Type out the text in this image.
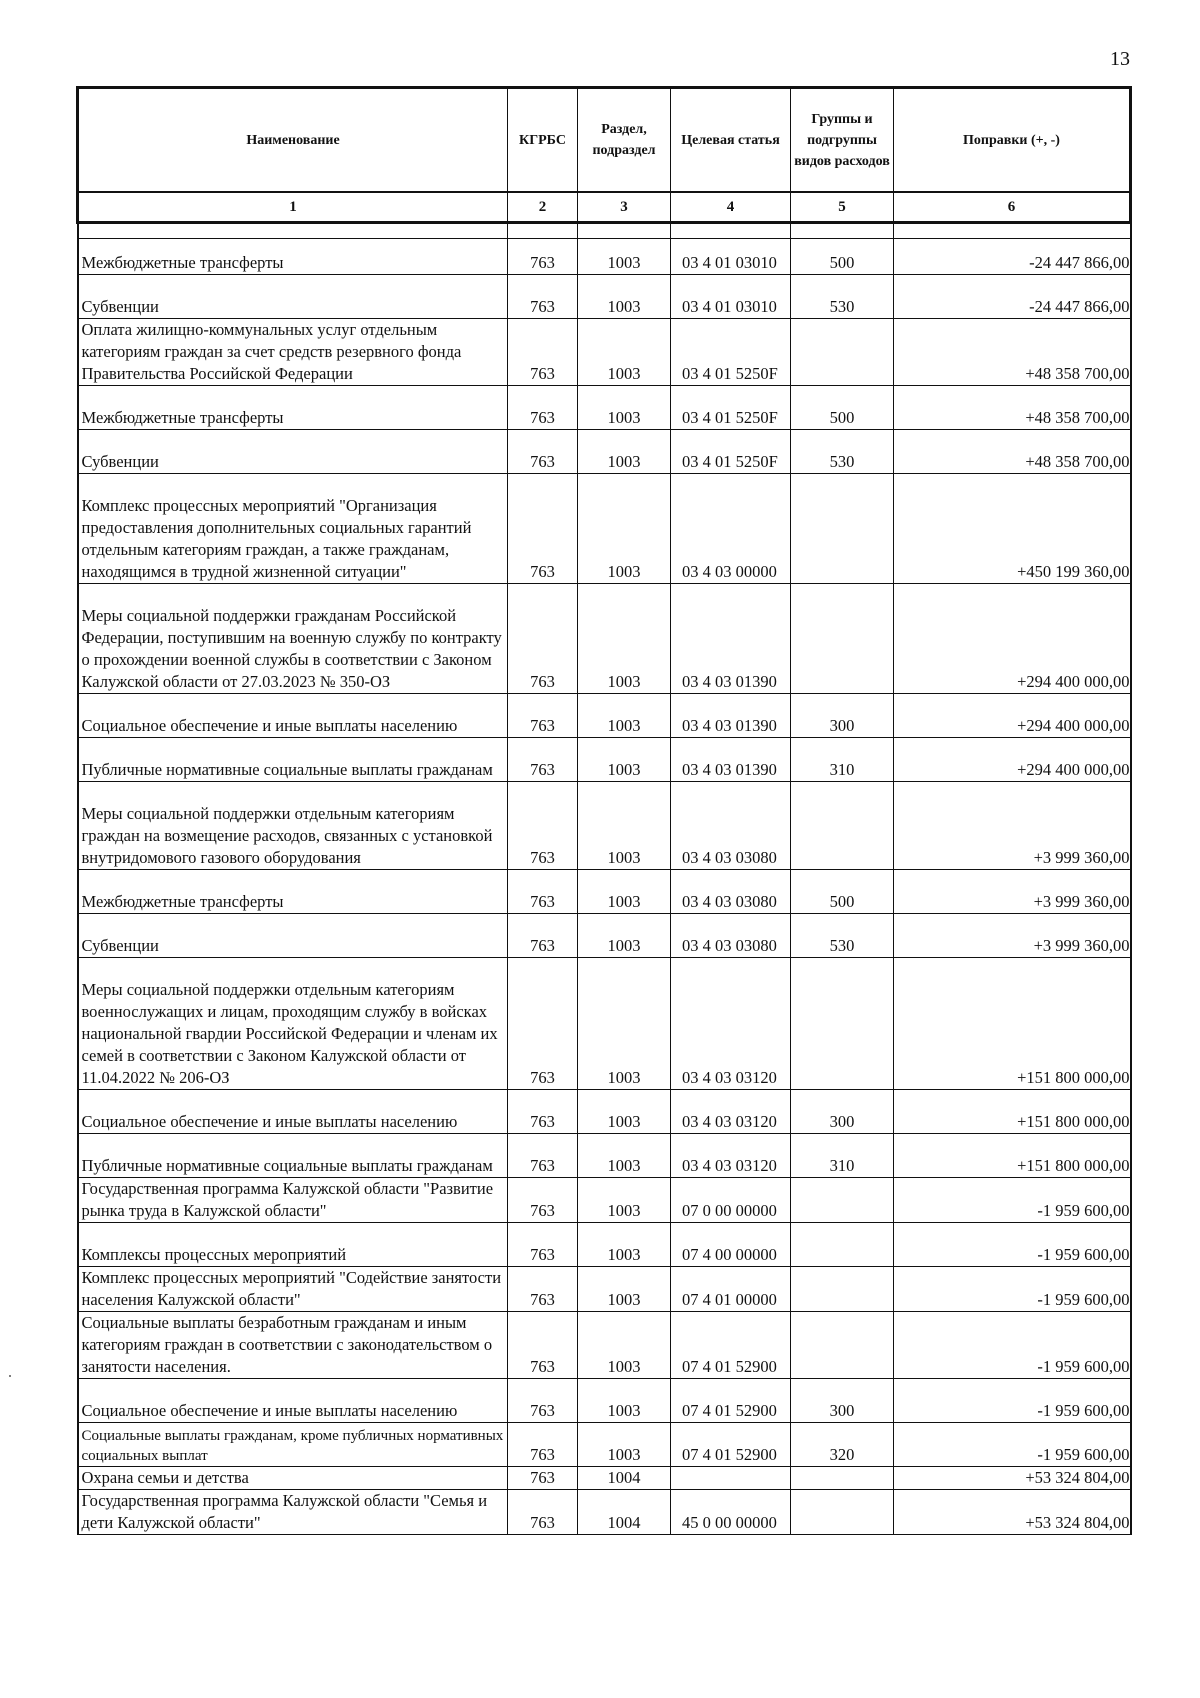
13
Наименование	КГРБС	Раздел, подраздел	Целевая статья	Группы и подгруппы видов расходов	Поправки (+, -)
1	2	3	4	5	6

Межбюджетные трансферты	763	1003	03 4 01 03010	500	-24 447 866,00
Субвенции	763	1003	03 4 01 03010	530	-24 447 866,00
Оплата жилищно-коммунальных услуг отдельным категориям граждан за счет средств резервного фонда Правительства Российской Федерации	763	1003	03 4 01 5250F		+48 358 700,00
Межбюджетные трансферты	763	1003	03 4 01 5250F	500	+48 358 700,00
Субвенции	763	1003	03 4 01 5250F	530	+48 358 700,00
Комплекс процессных мероприятий "Организация предоставления дополнительных социальных гарантий отдельным категориям граждан, а также гражданам, находящимся в трудной жизненной ситуации"	763	1003	03 4 03 00000		+450 199 360,00
Меры социальной поддержки гражданам Российской Федерации, поступившим на военную службу по контракту о прохождении военной службы в соответствии с Законом Калужской области от 27.03.2023 № 350-ОЗ	763	1003	03 4 03 01390		+294 400 000,00
Социальное обеспечение и иные выплаты населению	763	1003	03 4 03 01390	300	+294 400 000,00
Публичные нормативные социальные выплаты гражданам	763	1003	03 4 03 01390	310	+294 400 000,00
Меры социальной поддержки отдельным категориям граждан на возмещение расходов, связанных с установкой внутридомового газового оборудования	763	1003	03 4 03 03080		+3 999 360,00
Межбюджетные трансферты	763	1003	03 4 03 03080	500	+3 999 360,00
Субвенции	763	1003	03 4 03 03080	530	+3 999 360,00
Меры социальной поддержки отдельным категориям военнослужащих и лицам, проходящим службу в войсках национальной гвардии Российской Федерации и членам их семей в соответствии с Законом Калужской области от 11.04.2022 № 206-ОЗ	763	1003	03 4 03 03120		+151 800 000,00
Социальное обеспечение и иные выплаты населению	763	1003	03 4 03 03120	300	+151 800 000,00
Публичные нормативные социальные выплаты гражданам	763	1003	03 4 03 03120	310	+151 800 000,00
Государственная программа Калужской области "Развитие рынка труда в Калужской области"	763	1003	07 0 00 00000		-1 959 600,00
Комплексы процессных мероприятий	763	1003	07 4 00 00000		-1 959 600,00
Комплекс процессных мероприятий "Содействие занятости населения Калужской области"	763	1003	07 4 01 00000		-1 959 600,00
Социальные выплаты безработным гражданам и иным категориям граждан в соответствии с законодательством о занятости населения.	763	1003	07 4 01 52900		-1 959 600,00
Социальное обеспечение и иные выплаты населению	763	1003	07 4 01 52900	300	-1 959 600,00
Социальные выплаты гражданам, кроме публичных нормативных социальных выплат	763	1003	07 4 01 52900	320	-1 959 600,00
Охрана семьи и детства	763	1004			+53 324 804,00
Государственная программа Калужской области "Семья и дети Калужской области"	763	1004	45 0 00 00000		+53 324 804,00
